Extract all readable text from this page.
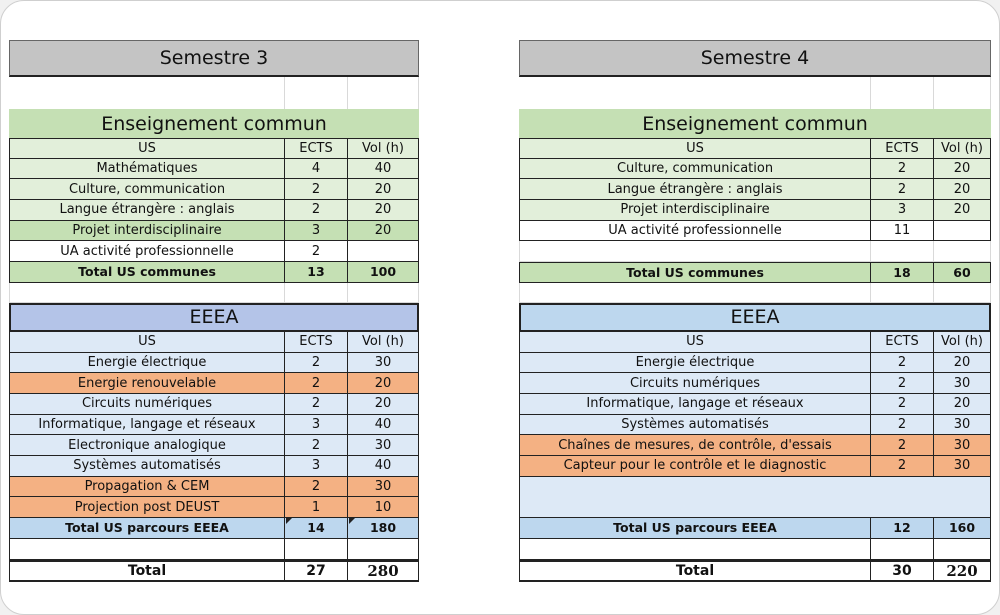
Semestre 3
Enseignement commun
US	ECTS	Vol (h)
Mathématiques	4	40
Culture, communication	2	20
Langue étrangère : anglais	2	20
Projet interdisciplinaire	3	20
UA activité professionnelle	2
Total US communes	13	100
EEEA
US	ECTS	Vol (h)
Energie électrique	2	30
Energie renouvelable	2	20
Circuits numériques	2	20
Informatique, langage et réseaux	3	40
Electronique analogique	2	30
Systèmes automatisés	3	40
Propagation & CEM	2	30
Projection post DEUST	1	10
Total US parcours EEEA	14	180
Total	27	280
Semestre 4
Enseignement commun
US	ECTS	Vol (h)
Culture, communication	2	20
Langue étrangère : anglais	2	20
Projet interdisciplinaire	3	20
UA activité professionnelle	11
Total US communes	18	60
EEEA
US	ECTS	Vol (h)
Energie électrique	2	20
Circuits numériques	2	30
Informatique, langage et réseaux	2	20
Systèmes automatisés	2	30
Chaînes de mesures, de contrôle, d'essais	2	30
Capteur pour le contrôle et le diagnostic	2	30
Total US parcours EEEA	12	160
Total	30	220
